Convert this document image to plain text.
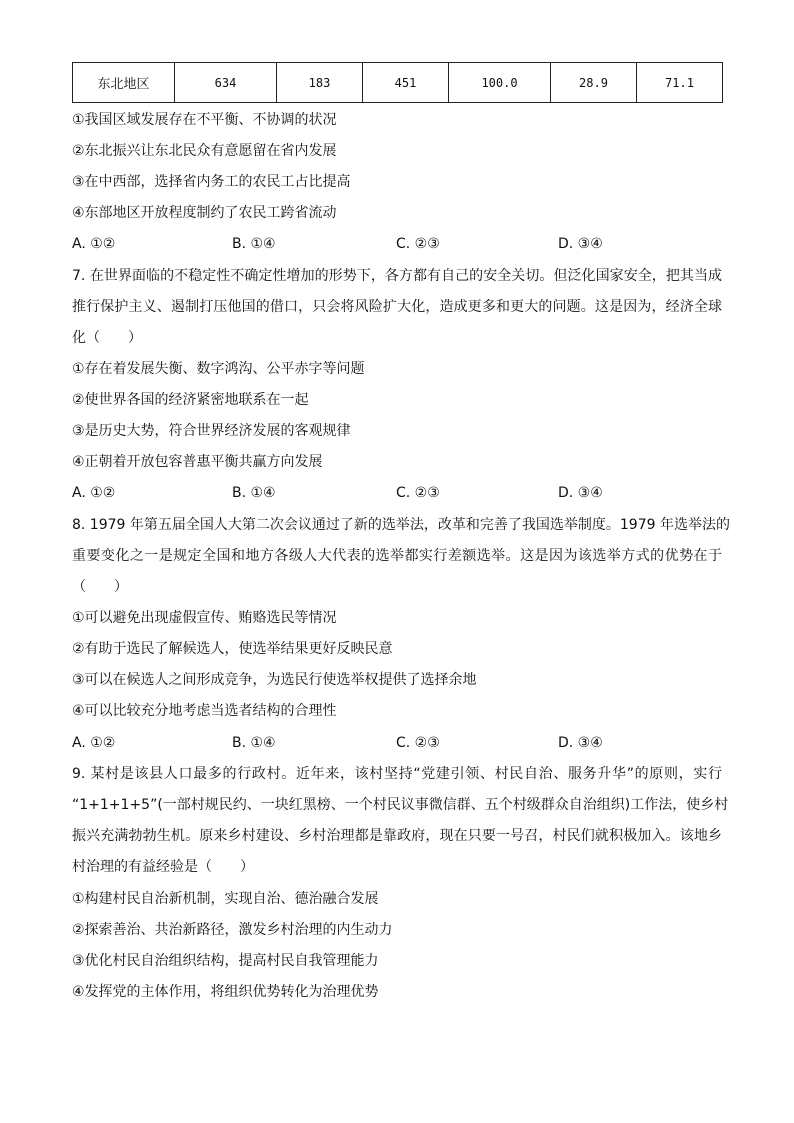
东北地区	634	183	451	100.0	28.9	71.1
①我国区域发展存在不平衡、不协调的状况
②东北振兴让东北民众有意愿留在省内发展
③在中西部，选择省内务工的农民工占比提高
④东部地区开放程度制约了农民工跨省流动
A. ①②	B. ①④	C. ②③	D. ③④
7. 在世界面临的不稳定性不确定性增加的形势下，各方都有自己的安全关切。但泛化国家安全，把其当成
推行保护主义、遏制打压他国的借口，只会将风险扩大化，造成更多和更大的问题。这是因为，经济全球
化（　　）
①存在着发展失衡、数字鸿沟、公平赤字等问题
②使世界各国的经济紧密地联系在一起
③是历史大势，符合世界经济发展的客观规律
④正朝着开放包容普惠平衡共赢方向发展
A. ①②	B. ①④	C. ②③	D. ③④
8. 1979 年第五届全国人大第二次会议通过了新的选举法，改革和完善了我国选举制度。1979 年选举法的
重要变化之一是规定全国和地方各级人大代表的选举都实行差额选举。这是因为该选举方式的优势在于
（　　）
①可以避免出现虚假宣传、贿赂选民等情况
②有助于选民了解候选人，使选举结果更好反映民意
③可以在候选人之间形成竞争，为选民行使选举权提供了选择余地
④可以比较充分地考虑当选者结构的合理性
A. ①②	B. ①④	C. ②③	D. ③④
9. 某村是该县人口最多的行政村。近年来，该村坚持“党建引领、村民自治、服务升华”的原则，实行
“1+1+1+5”(一部村规民约、一块红黑榜、一个村民议事微信群、五个村级群众自治组织)工作法，使乡村
振兴充满勃勃生机。原来乡村建设、乡村治理都是靠政府，现在只要一号召，村民们就积极加入。该地乡
村治理的有益经验是（　　）
①构建村民自治新机制，实现自治、德治融合发展
②探索善治、共治新路径，激发乡村治理的内生动力
③优化村民自治组织结构，提高村民自我管理能力
④发挥党的主体作用，将组织优势转化为治理优势
